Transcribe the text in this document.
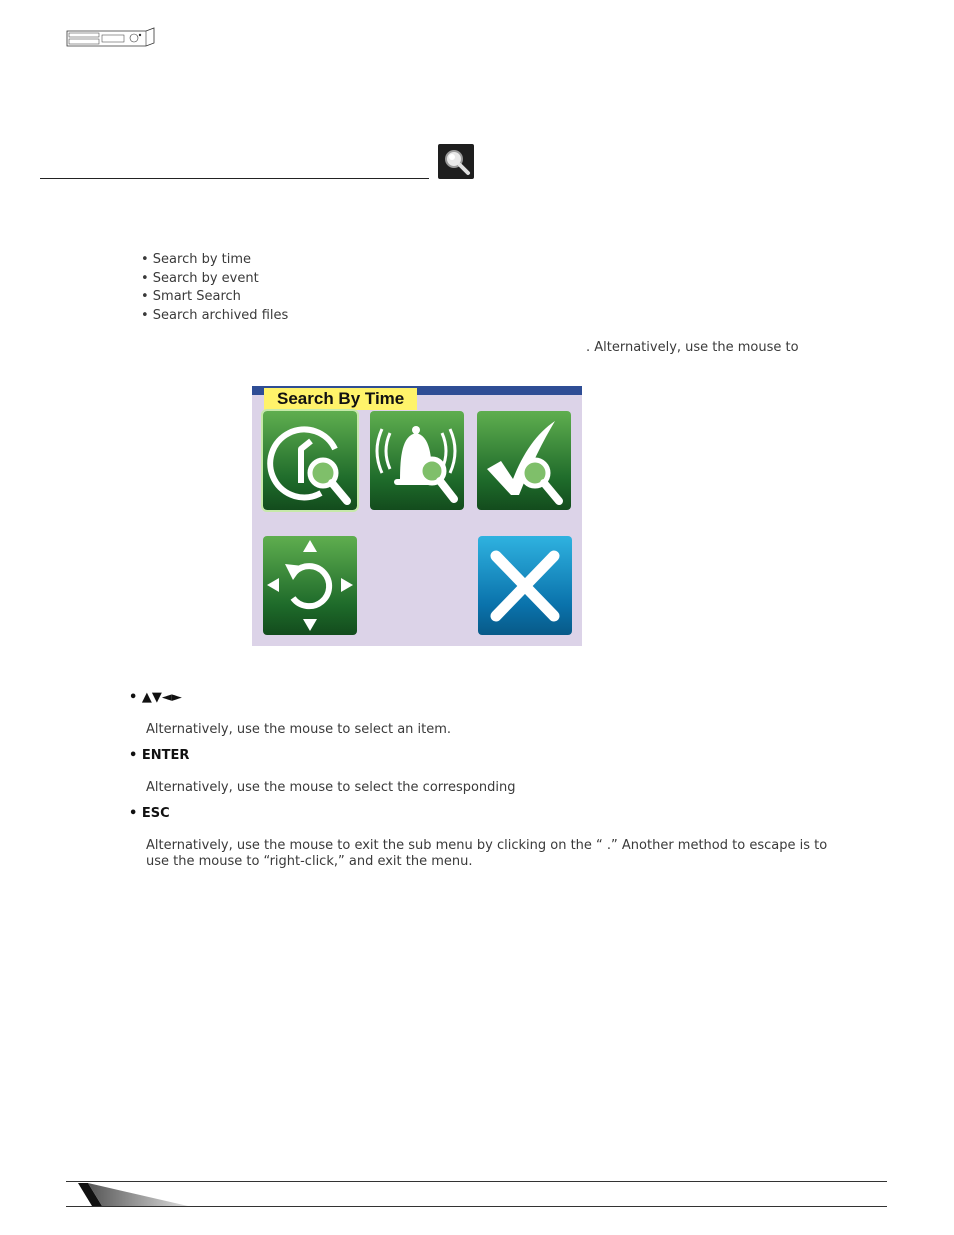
• Search by time
• Search by event
• Smart Search
• Search archived files
. Alternatively, use the mouse to
Search By Time
• ▲▼◄►
Alternatively, use the mouse to select an item.
• ENTER
Alternatively, use the mouse to select the corresponding
• ESC
Alternatively, use the mouse to exit the sub menu by clicking on the “ .” Another method to escape is to
use the mouse to “right-click,” and exit the menu.
